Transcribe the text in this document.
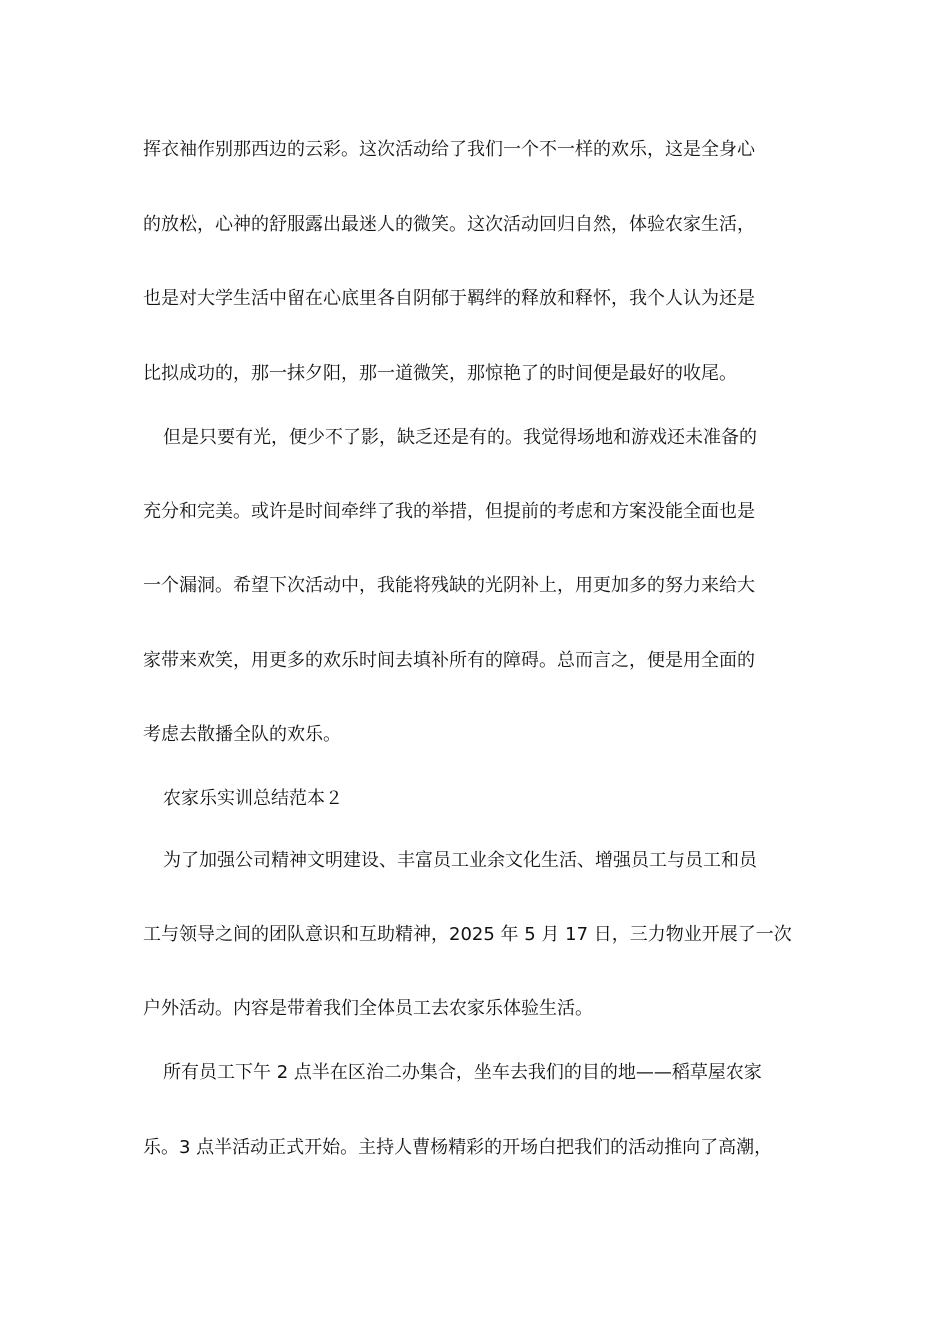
挥衣袖作别那西边的云彩。这次活动给了我们一个不一样的欢乐，这是全身心
的放松，心神的舒服露出最迷人的微笑。这次活动回归自然，体验农家生活，
也是对大学生活中留在心底里各自阴郁于羁绊的释放和释怀，我个人认为还是
比拟成功的，那一抹夕阳，那一道微笑，那惊艳了的时间便是最好的收尾。
但是只要有光，便少不了影，缺乏还是有的。我觉得场地和游戏还未准备的
充分和完美。或许是时间牵绊了我的举措，但提前的考虑和方案没能全面也是
一个漏洞。希望下次活动中，我能将残缺的光阴补上，用更加多的努力来给大
家带来欢笑，用更多的欢乐时间去填补所有的障碍。总而言之，便是用全面的
考虑去散播全队的欢乐。
农家乐实训总结范本２
为了加强公司精神文明建设、丰富员工业余文化生活、增强员工与员工和员
工与领导之间的团队意识和互助精神，2025 年 5 月 17 日，三力物业开展了一次
户外活动。内容是带着我们全体员工去农家乐体验生活。
所有员工下午 2 点半在区治二办集合，坐车去我们的目的地——稻草屋农家
乐。3 点半活动正式开始。主持人曹杨精彩的开场白把我们的活动推向了高潮，
